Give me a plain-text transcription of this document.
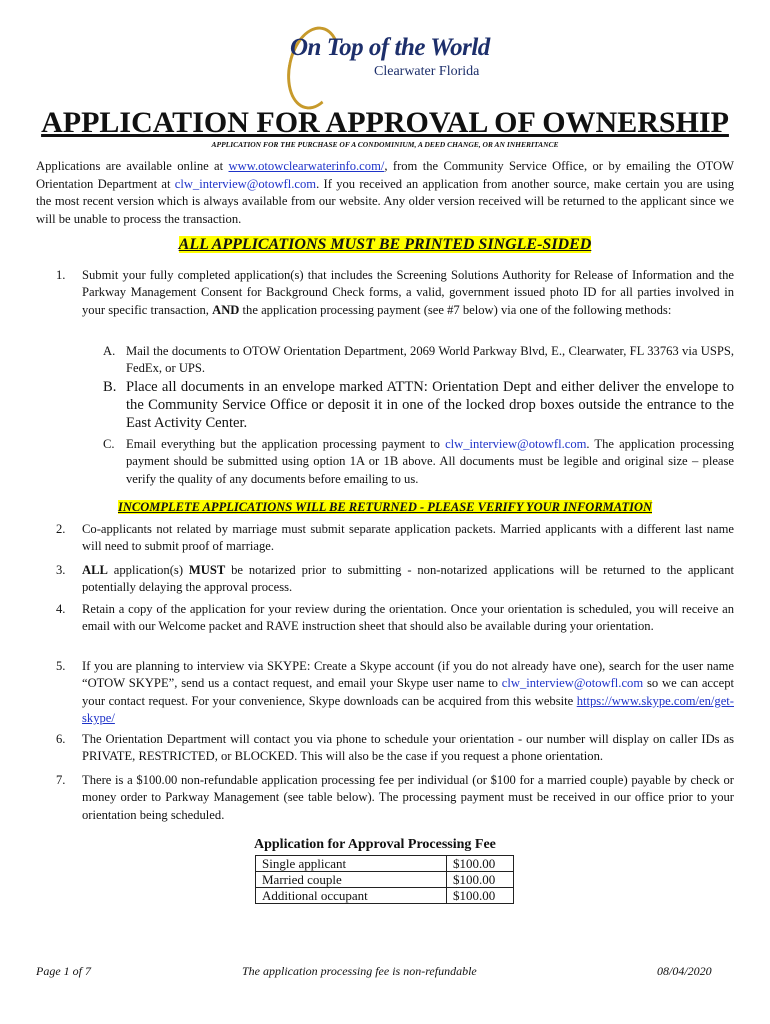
On Top of the World
Clearwater Florida
APPLICATION FOR APPROVAL OF OWNERSHIP
APPLICATION FOR THE PURCHASE OF A CONDOMINIUM, A DEED CHANGE, OR AN INHERITANCE
Applications are available online at www.otowclearwaterinfo.com/, from the Community Service Office, or by emailing the OTOW Orientation Department at clw_interview@otowfl.com. If you received an application from another source, make certain you are using the most recent version which is always available from our website. Any older version received will be returned to the applicant since we will be unable to process the transaction.
ALL APPLICATIONS MUST BE PRINTED SINGLE-SIDED
1. Submit your fully completed application(s) that includes the Screening Solutions Authority for Release of Information and the Parkway Management Consent for Background Check forms, a valid, government issued photo ID for all parties involved in your specific transaction, AND the application processing payment (see #7 below) via one of the following methods:
A. Mail the documents to OTOW Orientation Department, 2069 World Parkway Blvd, E., Clearwater, FL 33763 via USPS, FedEx, or UPS.
B. Place all documents in an envelope marked ATTN: Orientation Dept and either deliver the envelope to the Community Service Office or deposit it in one of the locked drop boxes outside the entrance to the East Activity Center.
C. Email everything but the application processing payment to clw_interview@otowfl.com. The application processing payment should be submitted using option 1A or 1B above. All documents must be legible and original size – please verify the quality of any documents before emailing to us.
INCOMPLETE APPLICATIONS WILL BE RETURNED - PLEASE VERIFY YOUR INFORMATION
2. Co-applicants not related by marriage must submit separate application packets. Married applicants with a different last name will need to submit proof of marriage.
3. ALL application(s) MUST be notarized prior to submitting - non-notarized applications will be returned to the applicant potentially delaying the approval process.
4. Retain a copy of the application for your review during the orientation. Once your orientation is scheduled, you will receive an email with our Welcome packet and RAVE instruction sheet that should also be available during your orientation.
5. If you are planning to interview via SKYPE: Create a Skype account (if you do not already have one), search for the user name “OTOW SKYPE”, send us a contact request, and email your Skype user name to clw_interview@otowfl.com so we can accept your contact request. For your convenience, Skype downloads can be acquired from this website https://www.skype.com/en/get-skype/
6. The Orientation Department will contact you via phone to schedule your orientation - our number will display on caller IDs as PRIVATE, RESTRICTED, or BLOCKED. This will also be the case if you request a phone orientation.
7. There is a $100.00 non-refundable application processing fee per individual (or $100 for a married couple) payable by check or money order to Parkway Management (see table below). The processing payment must be received in our office prior to your orientation being scheduled.
Application for Approval Processing Fee
Single applicant	$100.00
Married couple	$100.00
Additional occupant	$100.00
Page 1 of 7	The application processing fee is non-refundable	08/04/2020
